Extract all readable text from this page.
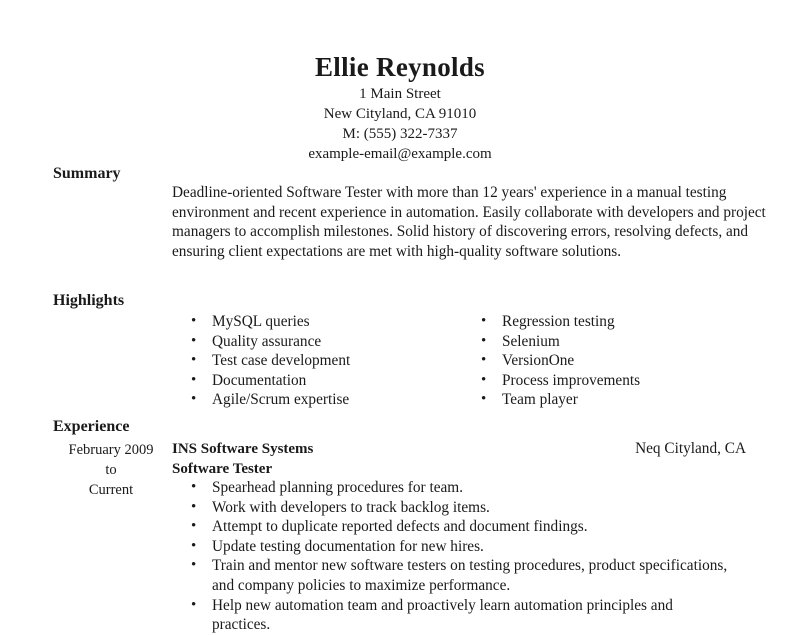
Ellie Reynolds
1 Main Street
New Cityland, CA 91010
M: (555) 322-7337
example-email@example.com
Summary
Deadline-oriented Software Tester with more than 12 years' experience in a manual testing environment and recent experience in automation. Easily collaborate with developers and project managers to accomplish milestones. Solid history of discovering errors, resolving defects, and ensuring client expectations are met with high-quality software solutions.
Highlights
• MySQL queries
• Quality assurance
• Test case development
• Documentation
• Agile/Scrum expertise
• Regression testing
• Selenium
• VersionOne
• Process improvements
• Team player
Experience
February 2009
to
Current
INS Software Systems	Neq Cityland, CA
Software Tester
• Spearhead planning procedures for team.
• Work with developers to track backlog items.
• Attempt to duplicate reported defects and document findings.
• Update testing documentation for new hires.
• Train and mentor new software testers on testing procedures, product specifications, and company policies to maximize performance.
• Help new automation team and proactively learn automation principles and practices.
